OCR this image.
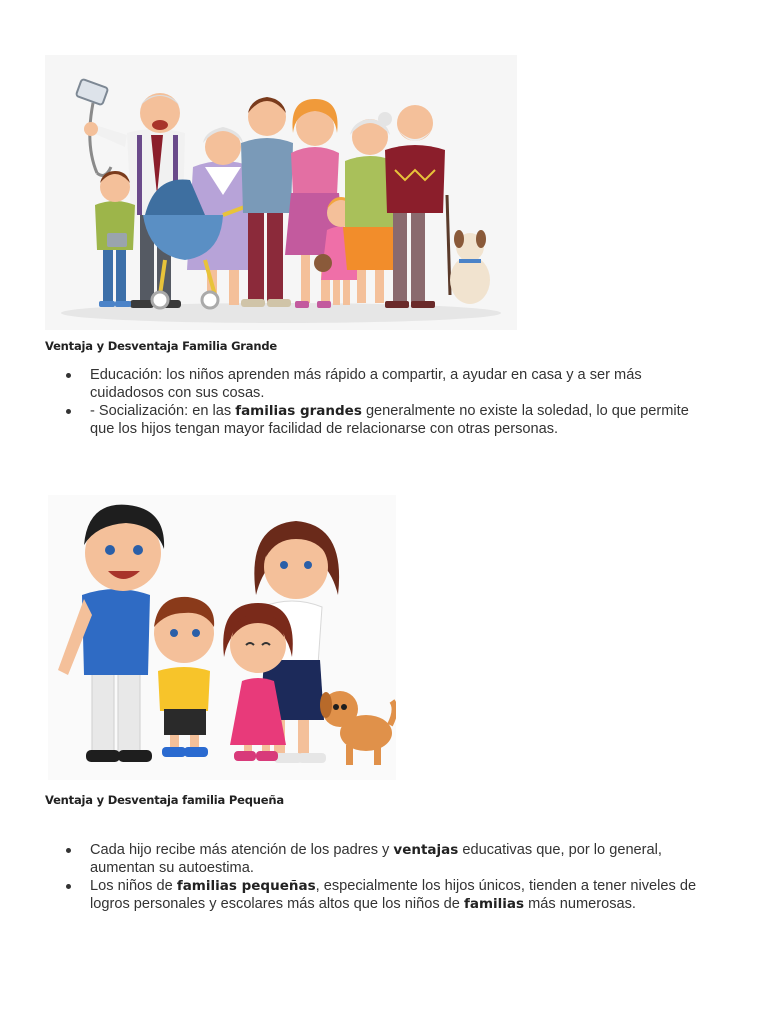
Ventaja y Desventaja Familia Grande

Educación: los niños aprenden más rápido a compartir, a ayudar en casa y a ser más cuidadosos con sus cosas.
- Socialización: en las familias grandes generalmente no existe la soledad, lo que permite que los hijos tengan mayor facilidad de relacionarse con otras personas.

Ventaja y Desventaja familia Pequeña

Cada hijo recibe más atención de los padres y ventajas educativas que, por lo general, aumentan su autoestima.
Los niños de familias pequeñas, especialmente los hijos únicos, tienden a tener niveles de logros personales y escolares más altos que los niños de familias más numerosas.
